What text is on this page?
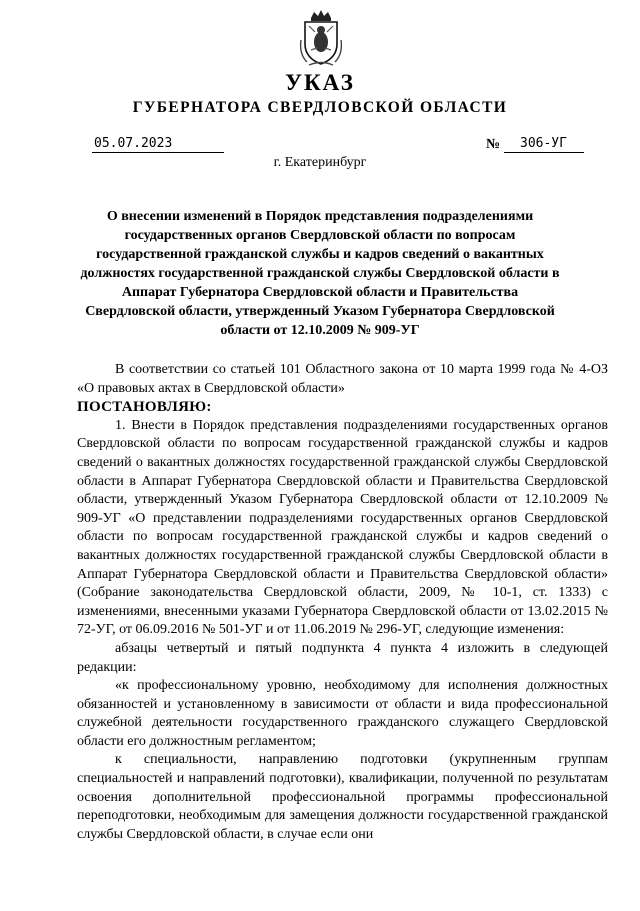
УКАЗ
ГУБЕРНАТОРА СВЕРДЛОВСКОЙ ОБЛАСТИ
05.07.2023	№	306-УГ
г. Екатеринбург
О внесении изменений в Порядок представления подразделениями государственных органов Свердловской области по вопросам государственной гражданской службы и кадров сведений о вакантных должностях государственной гражданской службы Свердловской области в Аппарат Губернатора Свердловской области и Правительства Свердловской области, утвержденный Указом Губернатора Свердловской области от 12.10.2009 № 909-УГ

В соответствии со статьей 101 Областного закона от 10 марта 1999 года № 4-ОЗ «О правовых актах в Свердловской области»

ПОСТАНОВЛЯЮ:

1. Внести в Порядок представления подразделениями государственных органов Свердловской области по вопросам государственной гражданской службы и кадров сведений о вакантных должностях государственной гражданской службы Свердловской области в Аппарат Губернатора Свердловской области и Правительства Свердловской области, утвержденный Указом Губернатора Свердловской области от 12.10.2009 № 909-УГ «О представлении подразделениями государственных органов Свердловской области по вопросам государственной гражданской службы и кадров сведений о вакантных должностях государственной гражданской службы Свердловской области в Аппарат Губернатора Свердловской области и Правительства Свердловской области» (Собрание законодательства Свердловской области, 2009, № 10-1, ст. 1333) с изменениями, внесенными указами Губернатора Свердловской области от 13.02.2015 № 72-УГ, от 06.09.2016 № 501-УГ и от 11.06.2019 № 296-УГ, следующие изменения:

абзацы четвертый и пятый подпункта 4 пункта 4 изложить в следующей редакции:

«к профессиональному уровню, необходимому для исполнения должностных обязанностей и установленному в зависимости от области и вида профессиональной служебной деятельности государственного гражданского служащего Свердловской области его должностным регламентом;

к специальности, направлению подготовки (укрупненным группам специальностей и направлений подготовки), квалификации, полученной по результатам освоения дополнительной профессиональной программы профессиональной переподготовки, необходимым для замещения должности государственной гражданской службы Свердловской области, в случае если они
